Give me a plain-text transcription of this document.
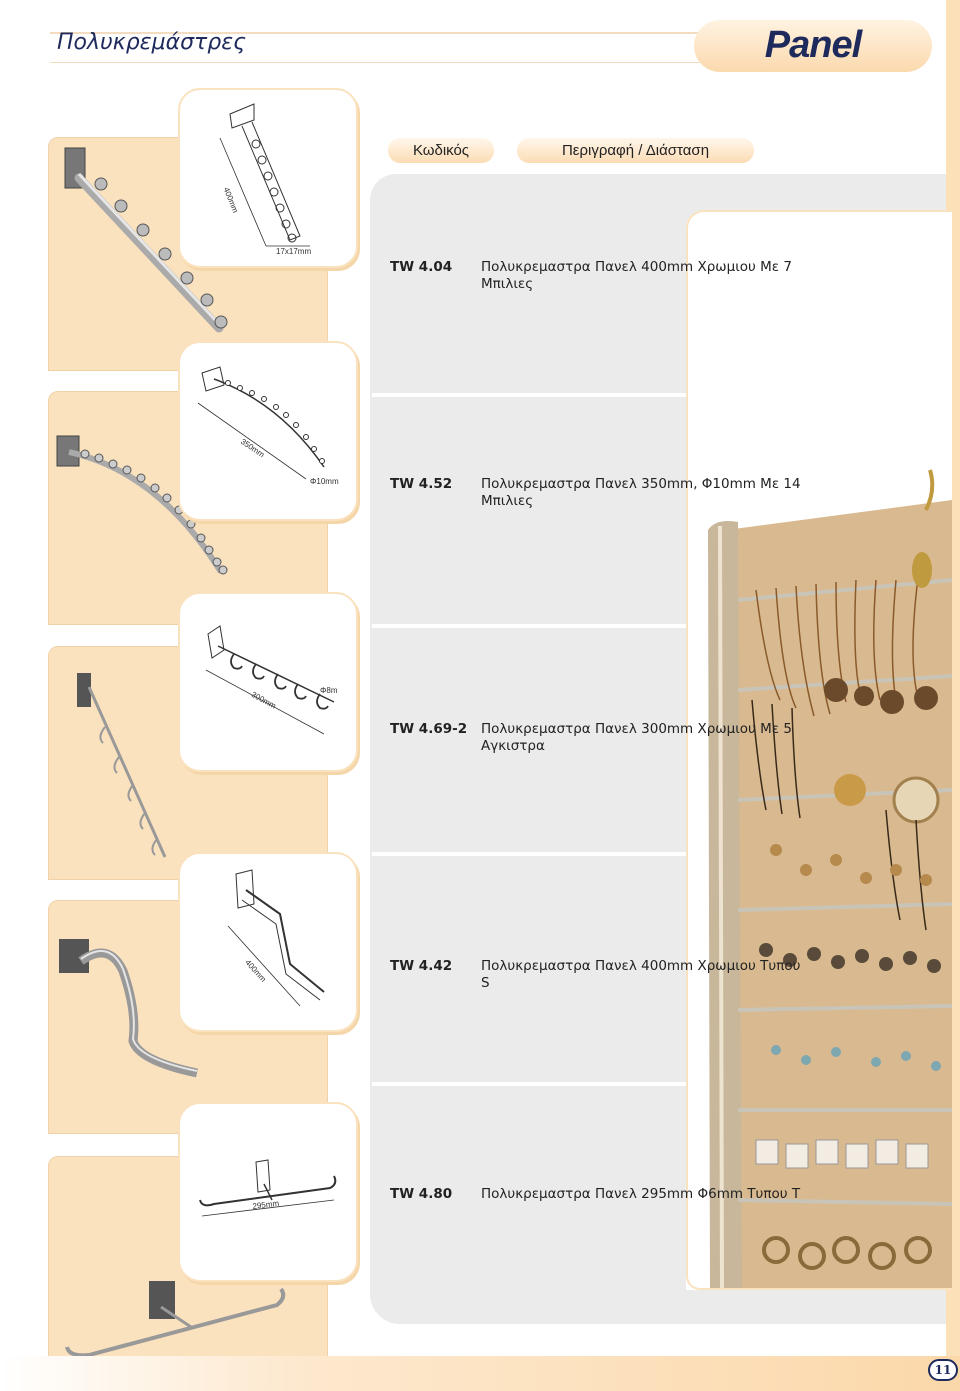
Πολυκρεμάστρες	Panel
Κωδικός	Περιγραφή / Διάσταση
400mm
17x17mm
350mm
Φ10mm
300mm	Φ8m
400mm
295mm
TW 4.04 Πολυκρεμαστρα Πανελ 400mm Χρωμιου Με 7 Μπιλιες
TW 4.52 Πολυκρεμαστρα Πανελ 350mm, Φ10mm Με 14 Μπιλιες
TW 4.69-2 Πολυκρεμαστρα Πανελ 300mm Χρωμιου Με 5 Αγκιστρα
TW 4.42 Πολυκρεμαστρα Πανελ 400mm Χρωμιου Τυπου S
TW 4.80 Πολυκρεμαστρα Πανελ 295mm Φ6mm Τυπου Τ
11
